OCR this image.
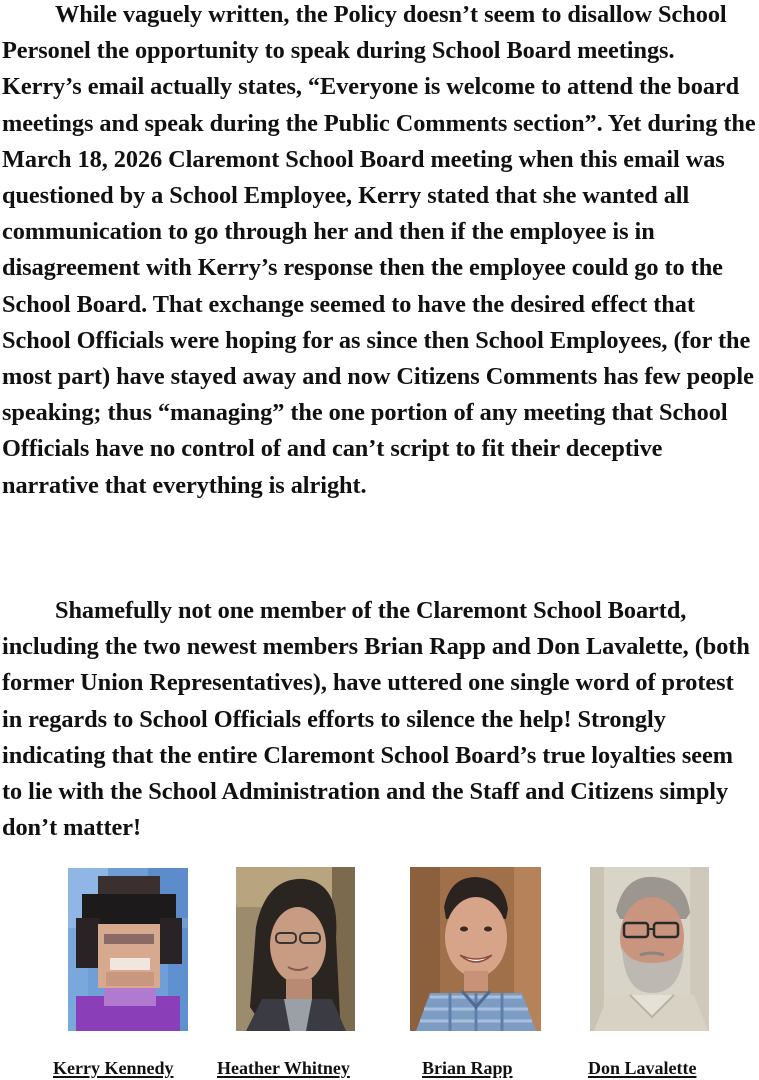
While vaguely written, the Policy doesn’t seem to disallow School Personel the opportunity to speak during School Board meetings. Kerry’s email actually states, “Everyone is welcome to attend the board meetings and speak during the Public Comments section”. Yet during the March 18, 2026 Claremont School Board meeting when this email was questioned by a School Employee, Kerry stated that she wanted all communication to go through her and then if the employee is in disagreement with Kerry’s response then the employee could go to the School Board. That exchange seemed to have the desired effect that School Officials were hoping for as since then School Employees, (for the most part) have stayed away and now Citizens Comments has few people speaking; thus “managing” the one portion of any meeting that School Officials have no control of and can’t script to fit their deceptive narrative that everything is alright.

Shamefully not one member of the Claremont School Boartd, including the two newest members Brian Rapp and Don Lavalette, (both former Union Representatives), have uttered one single word of protest in regards to School Officials efforts to silence the help! Strongly indicating that the entire Claremont School Board’s true loyalties seem to lie with the School Administration and the Staff and Citizens simply don’t matter!

Kerry Kennedy Heather Whitney	Brian Rapp	Don Lavalette
